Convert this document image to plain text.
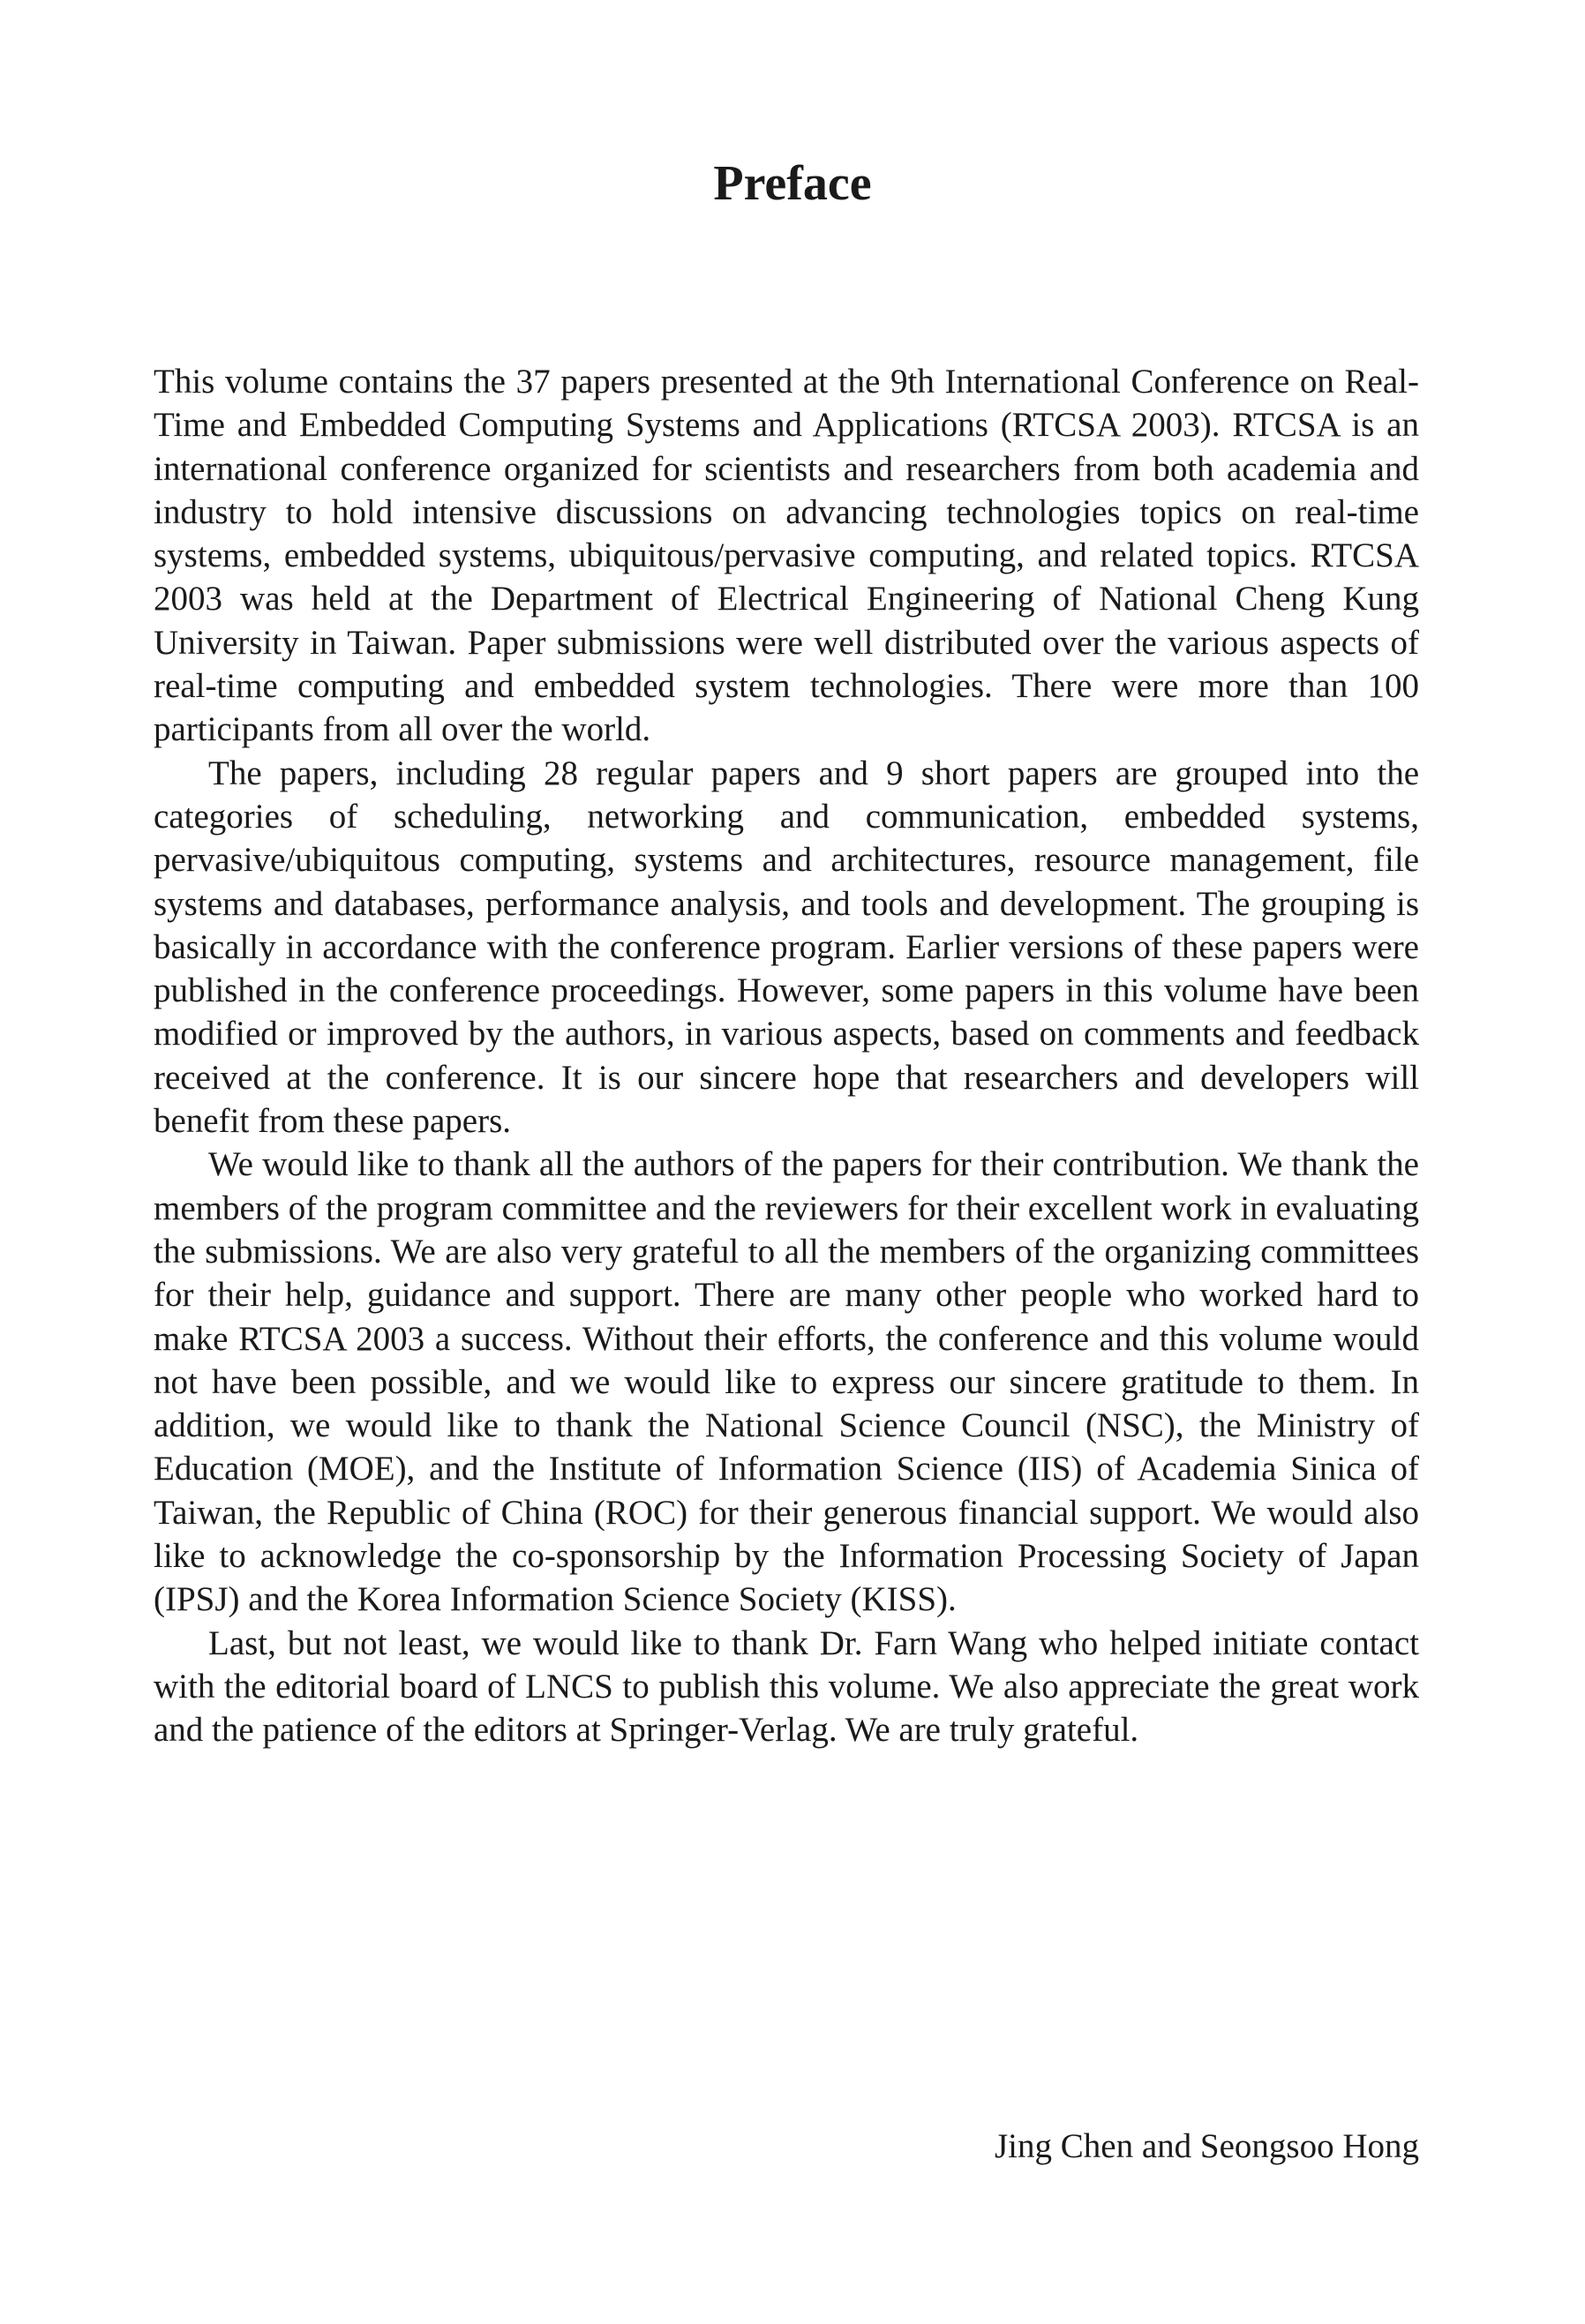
Preface

This volume contains the 37 papers presented at the 9th International Conference on Real-Time and Embedded Computing Systems and Applications (RTCSA 2003). RTCSA is an international conference organized for scientists and researchers from both academia and industry to hold intensive discussions on advancing technologies topics on real-time systems, embedded systems, ubiquitous/pervasive computing, and related topics. RTCSA 2003 was held at the Department of Electrical Engineering of National Cheng Kung University in Taiwan. Paper submissions were well distributed over the various aspects of real-time computing and embedded system technologies. There were more than 100 participants from all over the world.

The papers, including 28 regular papers and 9 short papers are grouped into the categories of scheduling, networking and communication, embedded systems, pervasive/ubiquitous computing, systems and architectures, resource management, file systems and databases, performance analysis, and tools and development. The grouping is basically in accordance with the conference program. Earlier versions of these papers were published in the conference proceedings. However, some papers in this volume have been modified or improved by the authors, in various aspects, based on comments and feedback received at the conference. It is our sincere hope that researchers and developers will benefit from these papers.

We would like to thank all the authors of the papers for their contribution. We thank the members of the program committee and the reviewers for their excellent work in evaluating the submissions. We are also very grateful to all the members of the organizing committees for their help, guidance and support. There are many other people who worked hard to make RTCSA 2003 a success. Without their efforts, the conference and this volume would not have been possible, and we would like to express our sincere gratitude to them. In addition, we would like to thank the National Science Council (NSC), the Ministry of Education (MOE), and the Institute of Information Science (IIS) of Academia Sinica of Taiwan, the Republic of China (ROC) for their generous financial support. We would also like to acknowledge the co-sponsorship by the Information Processing Society of Japan (IPSJ) and the Korea Information Science Society (KISS).

Last, but not least, we would like to thank Dr. Farn Wang who helped initiate contact with the editorial board of LNCS to publish this volume. We also appreciate the great work and the patience of the editors at Springer-Verlag. We are truly grateful.

Jing Chen and Seongsoo Hong
